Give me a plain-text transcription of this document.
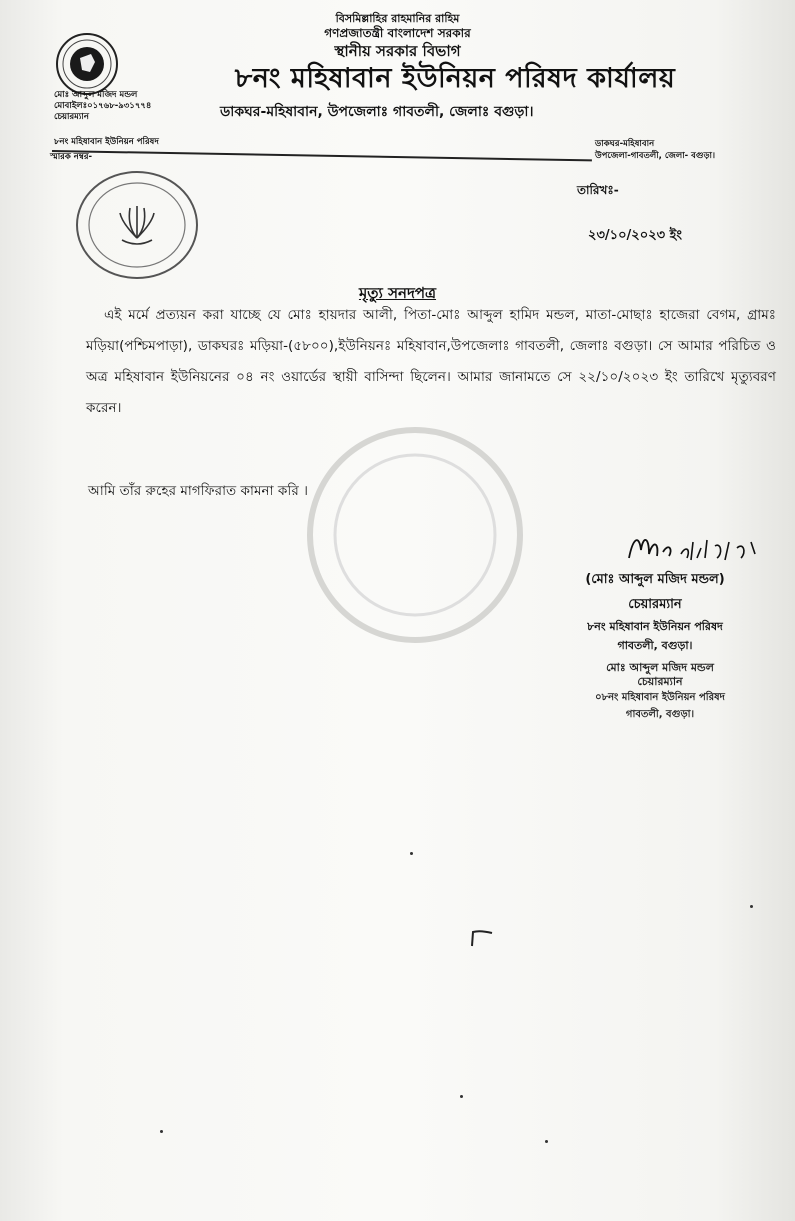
বিসমিল্লাহির রাহমানির রাহিম
গণপ্রজাতন্ত্রী বাংলাদেশ সরকার
স্থানীয় সরকার বিভাগ
৮নং মহিষাবান ইউনিয়ন পরিষদ কার্যালয়
ডাকঘর-মহিষাবান, উপজেলাঃ গাবতলী, জেলাঃ বগুড়া।
মোঃ আব্দুল মজিদ মন্ডল
মোবাইলঃ০১৭৬৮-৯৩১৭৭৪
চেয়ারম্যান
৮নং মহিষাবান ইউনিয়ন পরিষদ	ডাকঘর-মহিষাবান
উপজেলা-গাবতলী, জেলা- বগুড়া।
স্মারক নম্বর-
তারিখঃ-
২৩/১০/২০২৩ ইং
মৃত্যু সনদপত্র
এই মর্মে প্রত্যয়ন করা যাচ্ছে যে মোঃ হায়দার আলী, পিতা-মোঃ আব্দুল হামিদ মন্ডল, মাতা-মোছাঃ হাজেরা বেগম, গ্রামঃ মড়িয়া(পশ্চিমপাড়া), ডাকঘরঃ মড়িয়া-(৫৮০০),ইউনিয়নঃ মহিষাবান,উপজেলাঃ গাবতলী, জেলাঃ বগুড়া। সে আমার পরিচিত ও অত্র মহিষাবান ইউনিয়নের ০৪ নং ওয়ার্ডের স্থায়ী বাসিন্দা ছিলেন। আমার জানামতে সে ২২/১০/২০২৩ ইং তারিখে মৃত্যুবরণ করেন।
আমি তাঁর রুহের মাগফিরাত কামনা করি ।
(মোঃ আব্দুল মজিদ মন্ডল)
চেয়ারম্যান
৮নং মহিষাবান ইউনিয়ন পরিষদ
গাবতলী, বগুড়া।
মোঃ আব্দুল মজিদ মন্ডল
চেয়ারম্যান
০৮নং মহিষাবান ইউনিয়ন পরিষদ
গাবতলী, বগুড়া।
